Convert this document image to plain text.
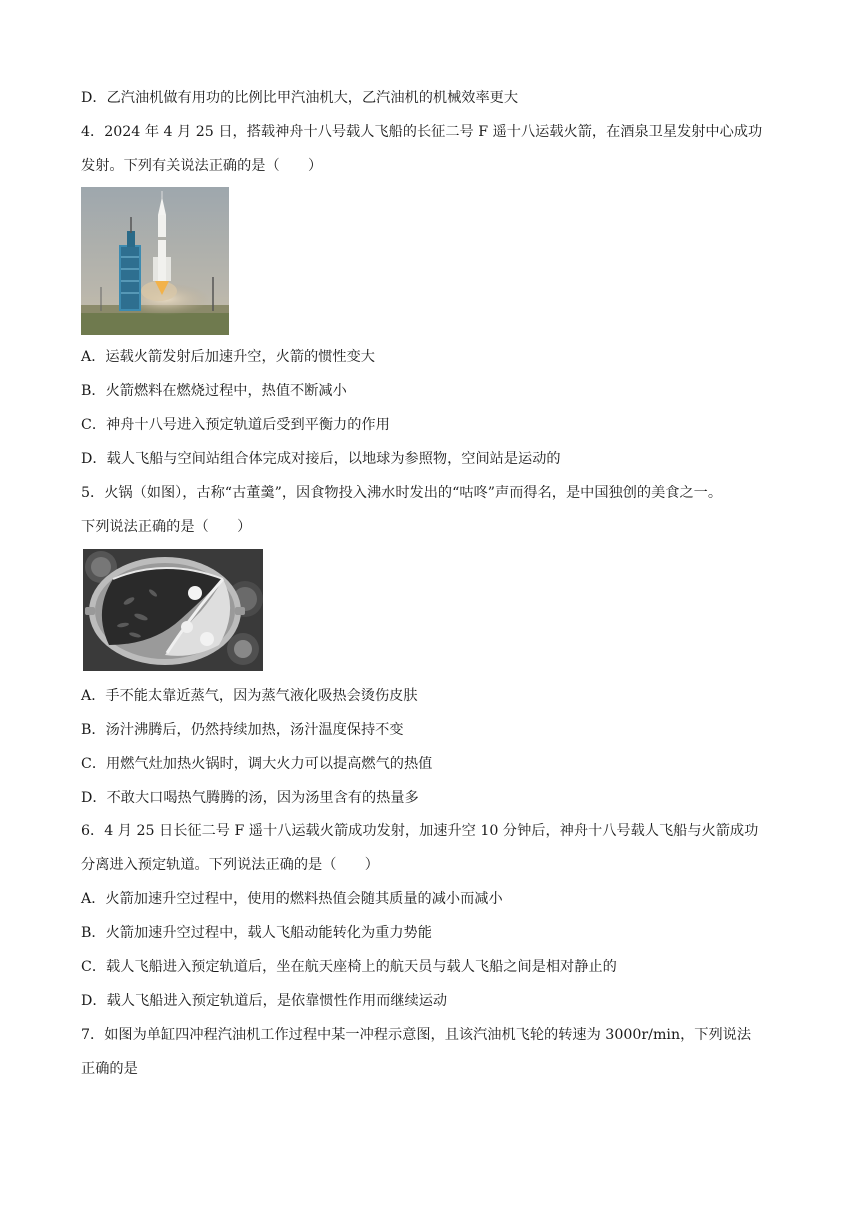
D．乙汽油机做有用功的比例比甲汽油机大，乙汽油机的机械效率更大
4．2024 年 4 月 25 日，搭载神舟十八号载人飞船的长征二号 F 遥十八运载火箭，在酒泉卫星发射中心成功
发射。下列有关说法正确的是（　　）
A．运载火箭发射后加速升空，火箭的惯性变大
B．火箭燃料在燃烧过程中，热值不断减小
C．神舟十八号进入预定轨道后受到平衡力的作用
D．载人飞船与空间站组合体完成对接后，以地球为参照物，空间站是运动的
5．火锅（如图），古称“古董羹”，因食物投入沸水时发出的“咕咚”声而得名，是中国独创的美食之一。
下列说法正确的是（　　）
A．手不能太靠近蒸气，因为蒸气液化吸热会烫伤皮肤
B．汤汁沸腾后，仍然持续加热，汤汁温度保持不变
C．用燃气灶加热火锅时，调大火力可以提高燃气的热值
D．不敢大口喝热气腾腾的汤，因为汤里含有的热量多
6．4 月 25 日长征二号 F 遥十八运载火箭成功发射，加速升空 10 分钟后，神舟十八号载人飞船与火箭成功
分离进入预定轨道。下列说法正确的是（　　）
A．火箭加速升空过程中，使用的燃料热值会随其质量的减小而减小
B．火箭加速升空过程中，载人飞船动能转化为重力势能
C．载人飞船进入预定轨道后，坐在航天座椅上的航天员与载人飞船之间是相对静止的
D．载人飞船进入预定轨道后，是依靠惯性作用而继续运动
7．如图为单缸四冲程汽油机工作过程中某一冲程示意图，且该汽油机飞轮的转速为 3000r/min，下列说法
正确的是
